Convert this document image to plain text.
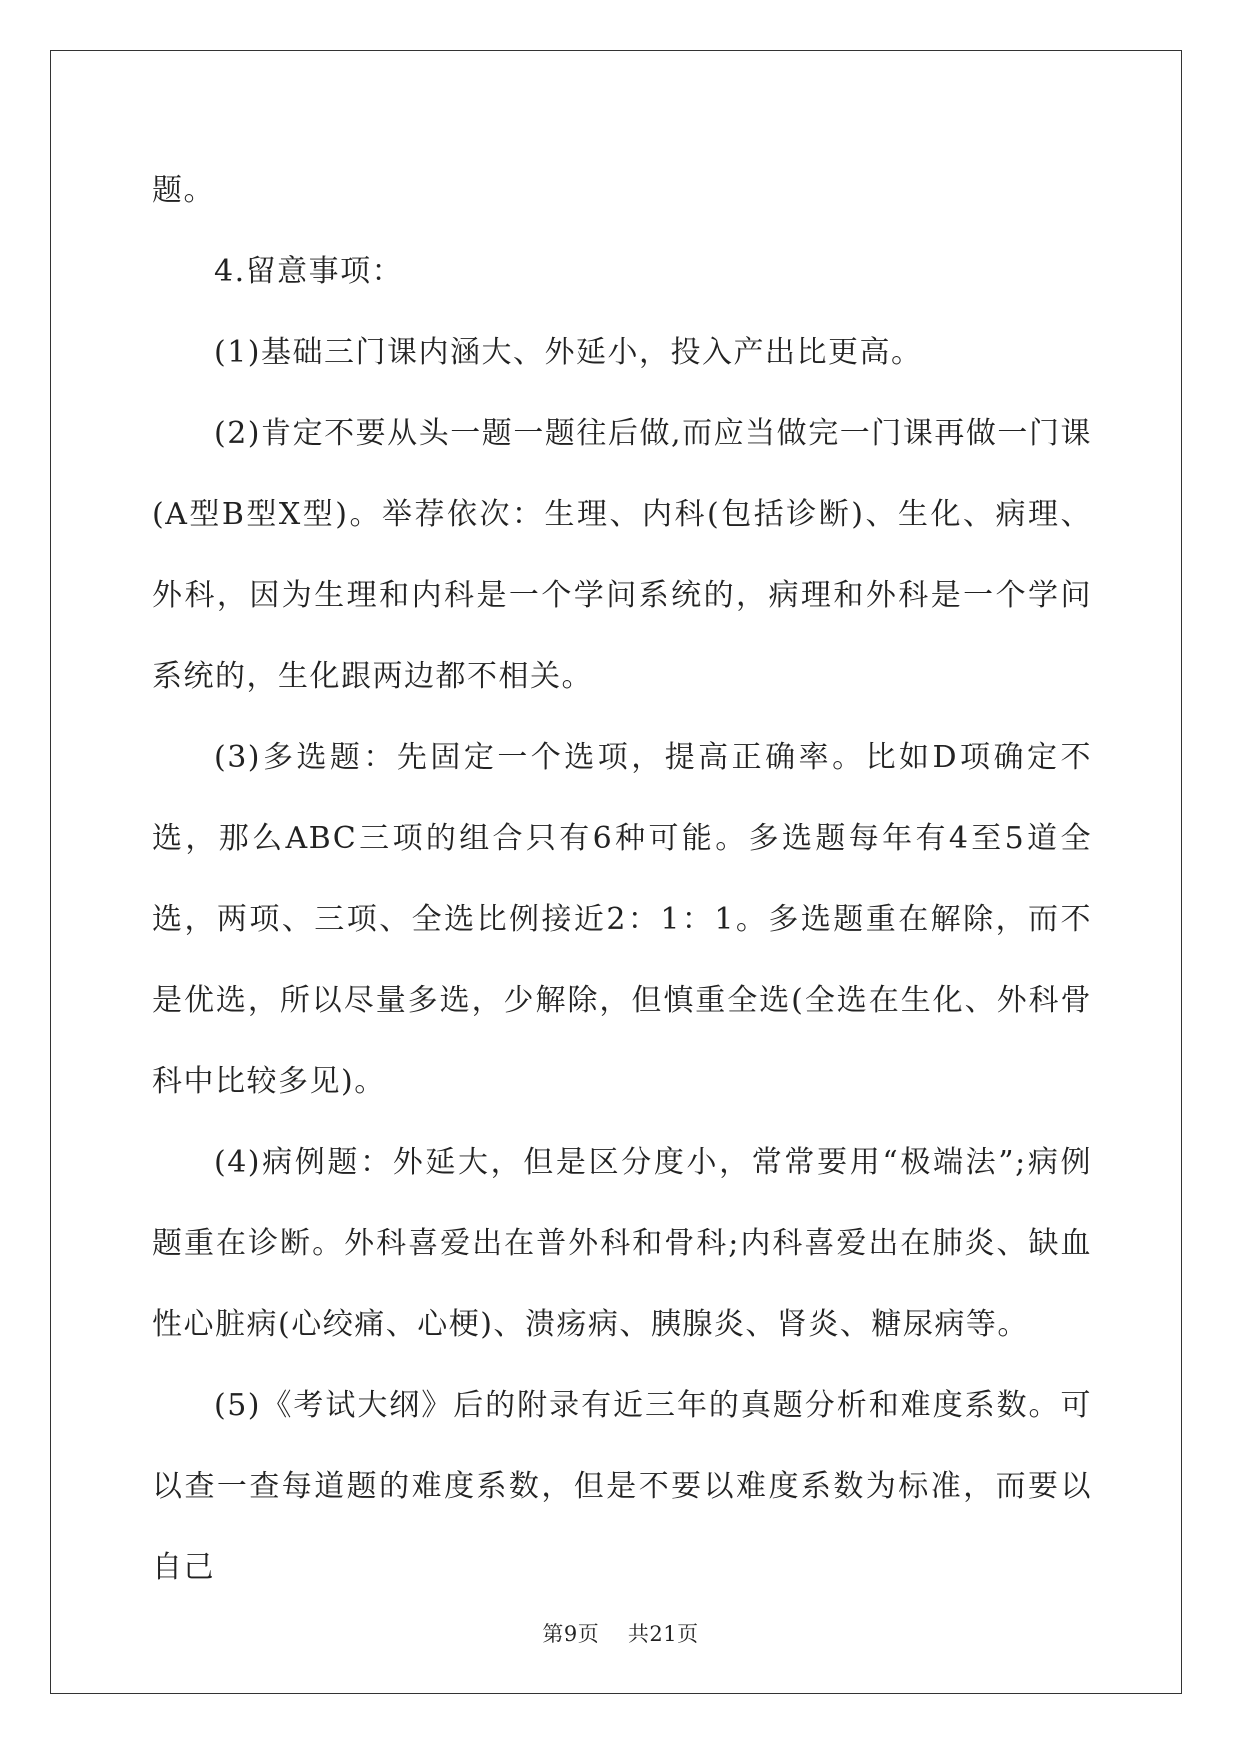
题。

4.留意事项：

(1)基础三门课内涵大、外延小，投入产出比更高。

(2)肯定不要从头一题一题往后做,而应当做完一门课再做一门课(A型B型X型)。举荐依次：生理、内科(包括诊断)、生化、病理、外科，因为生理和内科是一个学问系统的，病理和外科是一个学问系统的，生化跟两边都不相关。

(3)多选题：先固定一个选项，提高正确率。比如D项确定不选，那么ABC三项的组合只有6种可能。多选题每年有4至5道全选，两项、三项、全选比例接近2：1：1。多选题重在解除，而不是优选，所以尽量多选，少解除，但慎重全选(全选在生化、外科骨科中比较多见)。

(4)病例题：外延大，但是区分度小，常常要用“极端法”;病例题重在诊断。外科喜爱出在普外科和骨科;内科喜爱出在肺炎、缺血性心脏病(心绞痛、心梗)、溃疡病、胰腺炎、肾炎、糖尿病等。

(5)《考试大纲》后的附录有近三年的真题分析和难度系数。可以查一查每道题的难度系数，但是不要以难度系数为标准，而要以自己

第9页 共21页
